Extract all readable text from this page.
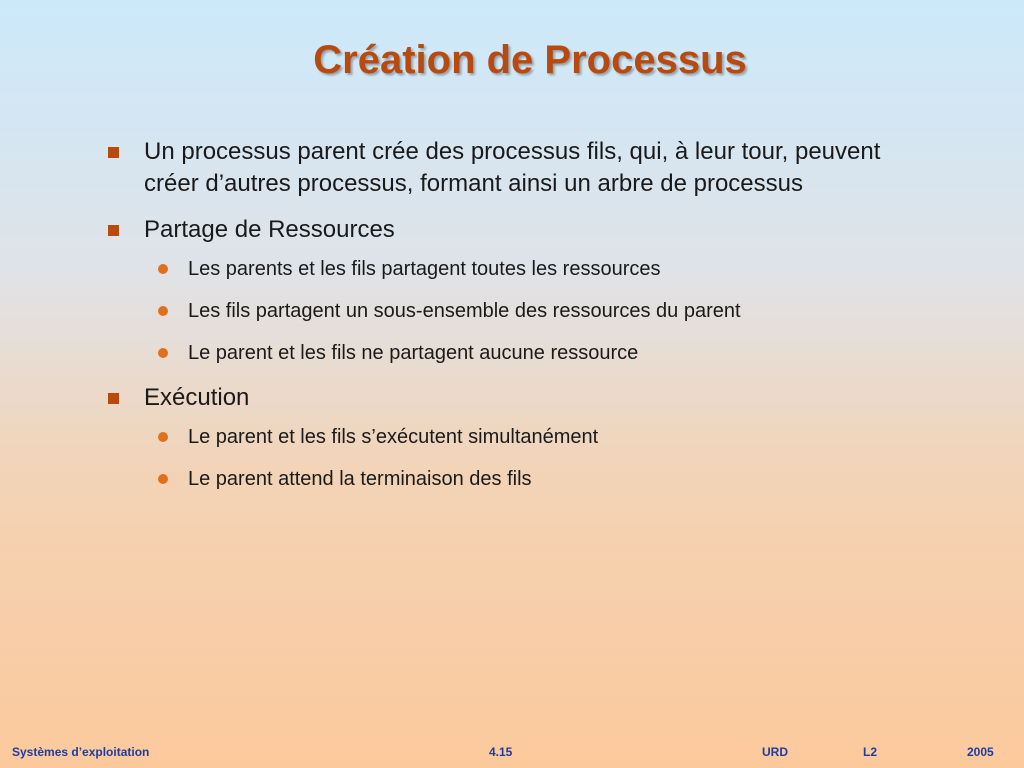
Création de Processus
Un processus parent crée des processus fils, qui, à leur tour, peuvent créer d’autres processus, formant ainsi un arbre de processus
Partage de Ressources
Les parents et les fils partagent toutes les ressources
Les fils partagent un sous-ensemble des ressources du parent
Le parent et les fils ne partagent aucune ressource
Exécution
Le parent et les fils s’exécutent simultanément
Le parent attend la terminaison des fils
Systèmes d’exploitation	4.15	URD	L2	2005
